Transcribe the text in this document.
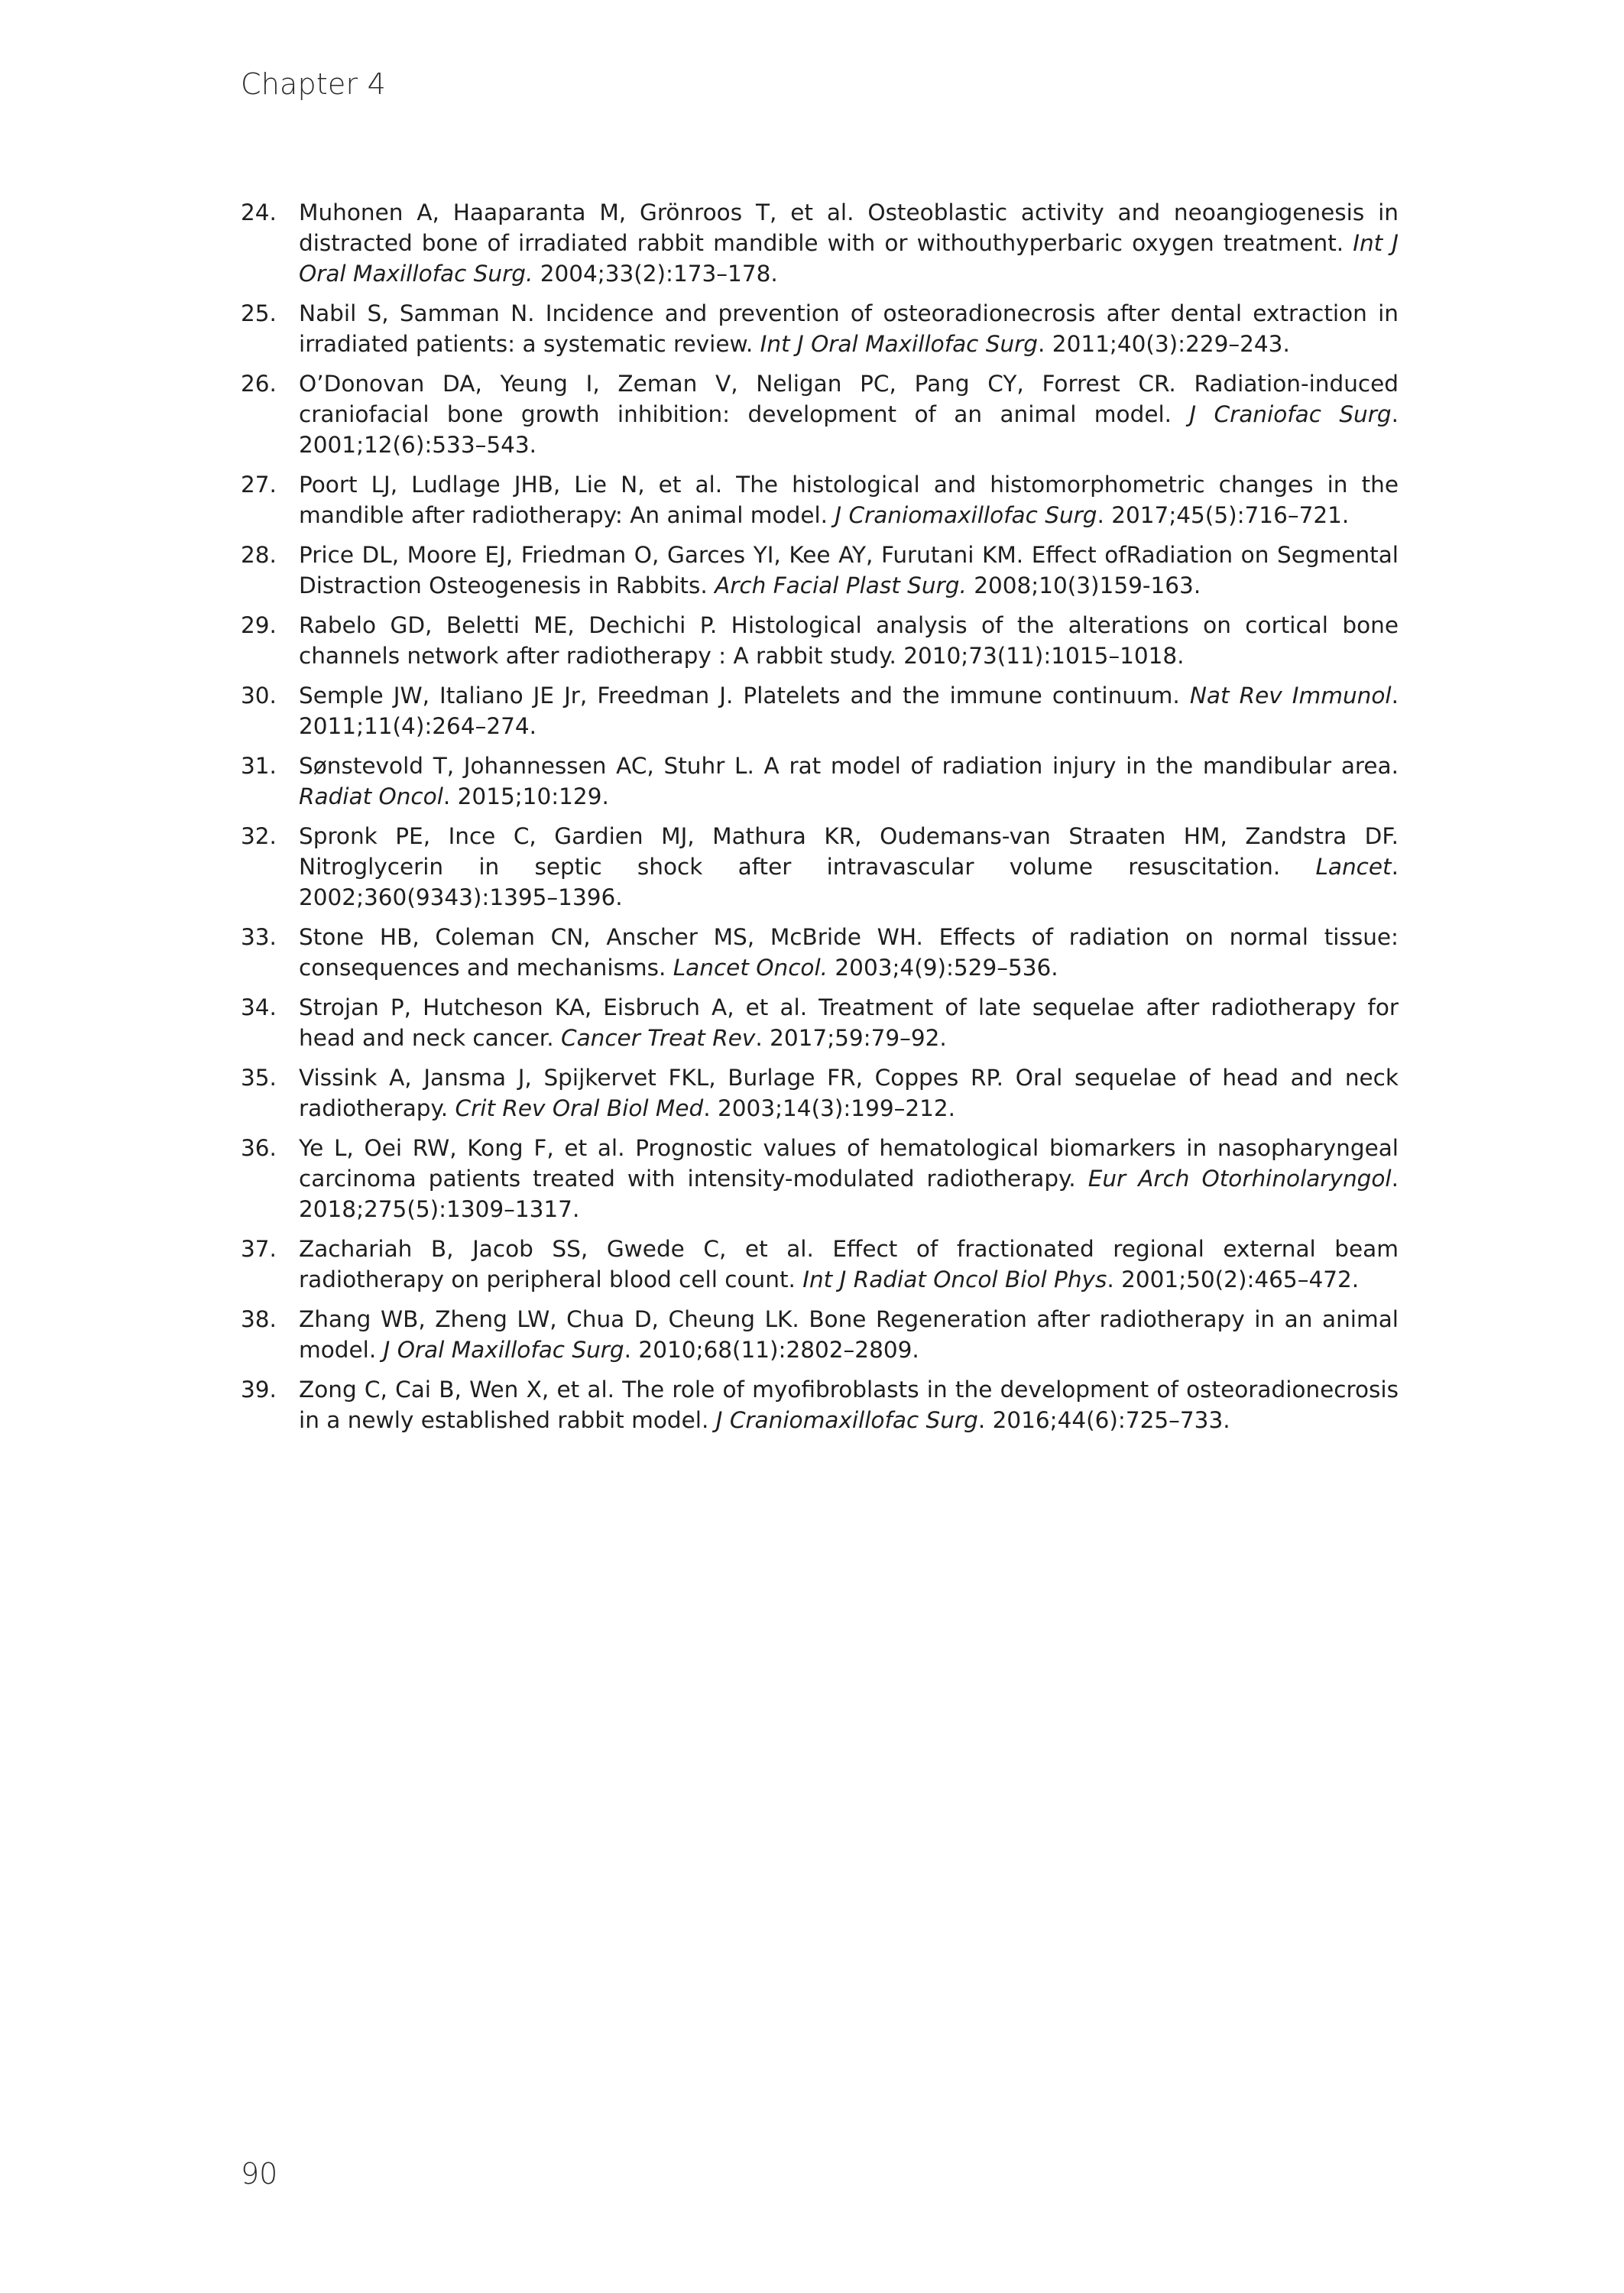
Chapter 4
24. Muhonen A, Haaparanta M, Grönroos T, et al. Osteoblastic activity and neoangiogenesis in distracted bone of irradiated rabbit mandible with or withouthyperbaric oxygen treatment. Int J Oral Maxillofac Surg. 2004;33(2):173–178.
25. Nabil S, Samman N. Incidence and prevention of osteoradionecrosis after dental extraction in irradiated patients: a systematic review. Int J Oral Maxillofac Surg. 2011;40(3):229–243.
26. O’Donovan DA, Yeung I, Zeman V, Neligan PC, Pang CY, Forrest CR. Radiation-induced craniofacial bone growth inhibition: development of an animal model. J Craniofac Surg. 2001;12(6):533–543.
27. Poort LJ, Ludlage JHB, Lie N, et al. The histological and histomorphometric changes in the mandible after radiotherapy: An animal model. J Craniomaxillofac Surg. 2017;45(5):716–721.
28. Price DL, Moore EJ, Friedman O, Garces YI, Kee AY, Furutani KM. Effect ofRadiation on Segmental Distraction Osteogenesis in Rabbits. Arch Facial Plast Surg. 2008;10(3)159-163.
29. Rabelo GD, Beletti ME, Dechichi P. Histological analysis of the alterations on cortical bone channels network after radiotherapy : A rabbit study. 2010;73(11):1015–1018.
30. Semple JW, Italiano JE Jr, Freedman J. Platelets and the immune continuum. Nat Rev Immunol. 2011;11(4):264–274.
31. Sønstevold T, Johannessen AC, Stuhr L. A rat model of radiation injury in the mandibular area. Radiat Oncol. 2015;10:129.
32. Spronk PE, Ince C, Gardien MJ, Mathura KR, Oudemans-van Straaten HM, Zandstra DF. Nitroglycerin in septic shock after intravascular volume resuscitation. Lancet. 2002;360(9343):1395–1396.
33. Stone HB, Coleman CN, Anscher MS, McBride WH. Effects of radiation on normal tissue: consequences and mechanisms. Lancet Oncol. 2003;4(9):529–536.
34. Strojan P, Hutcheson KA, Eisbruch A, et al. Treatment of late sequelae after radiotherapy for head and neck cancer. Cancer Treat Rev. 2017;59:79–92.
35. Vissink A, Jansma J, Spijkervet FKL, Burlage FR, Coppes RP. Oral sequelae of head and neck radiotherapy. Crit Rev Oral Biol Med. 2003;14(3):199–212.
36. Ye L, Oei RW, Kong F, et al. Prognostic values of hematological biomarkers in nasopharyngeal carcinoma patients treated with intensity-modulated radiotherapy. Eur Arch Otorhinolaryngol. 2018;275(5):1309–1317.
37. Zachariah B, Jacob SS, Gwede C, et al. Effect of fractionated regional external beam radiotherapy on peripheral blood cell count. Int J Radiat Oncol Biol Phys. 2001;50(2):465–472.
38. Zhang WB, Zheng LW, Chua D, Cheung LK. Bone Regeneration after radiotherapy in an animal model. J Oral Maxillofac Surg. 2010;68(11):2802–2809.
39. Zong C, Cai B, Wen X, et al. The role of myofibroblasts in the development of osteoradionecrosis in a newly established rabbit model. J Craniomaxillofac Surg. 2016;44(6):725–733.
90
